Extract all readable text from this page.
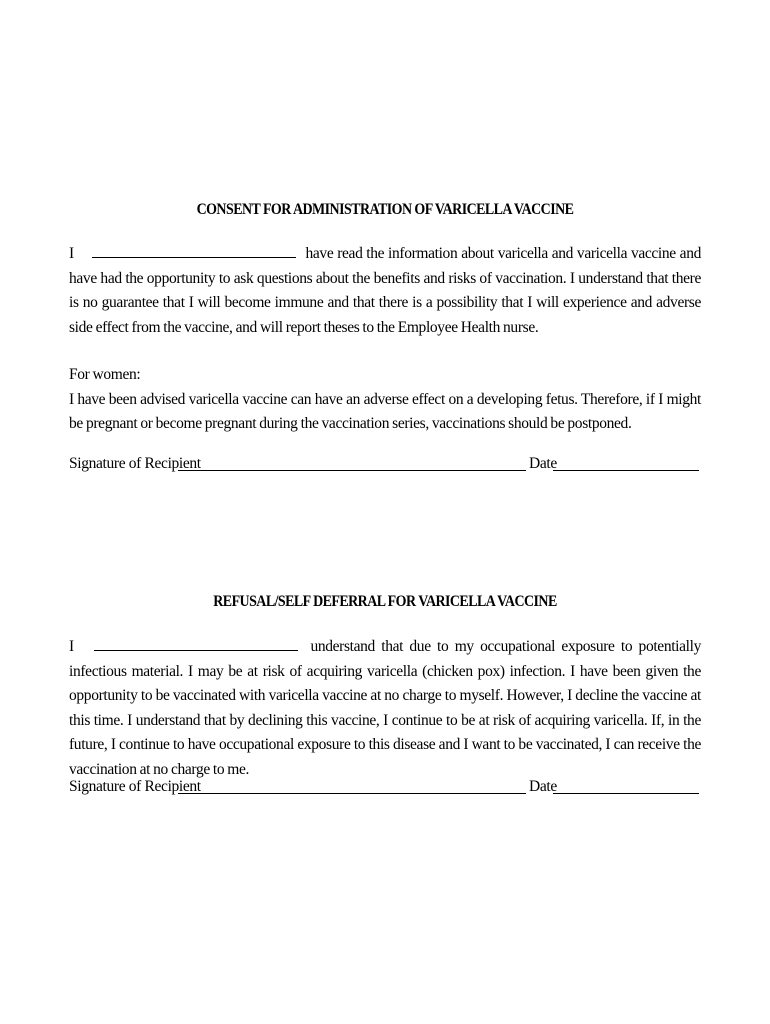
CONSENT FOR ADMINISTRATION OF VARICELLA VACCINE
I	have read the information about varicella and varicella vaccine and have had the opportunity to ask questions about the benefits and risks of vaccination. I understand that there is no guarantee that I will become immune and that there is a possibility that I will experience and adverse side effect from the vaccine, and will report theses to the Employee Health nurse.
For women:
I have been advised varicella vaccine can have an adverse effect on a developing fetus. Therefore, if I might be pregnant or become pregnant during the vaccination series, vaccinations should be postponed.
Signature of Recipient	Date
REFUSAL/SELF DEFERRAL FOR VARICELLA VACCINE
I	understand that due to my occupational exposure to potentially infectious material. I may be at risk of acquiring varicella (chicken pox) infection. I have been given the opportunity to be vaccinated with varicella vaccine at no charge to myself. However, I decline the vaccine at this time. I understand that by declining this vaccine, I continue to be at risk of acquiring varicella. If, in the future, I continue to have occupational exposure to this disease and I want to be vaccinated, I can receive the vaccination at no charge to me.
Signature of Recipient	Date
